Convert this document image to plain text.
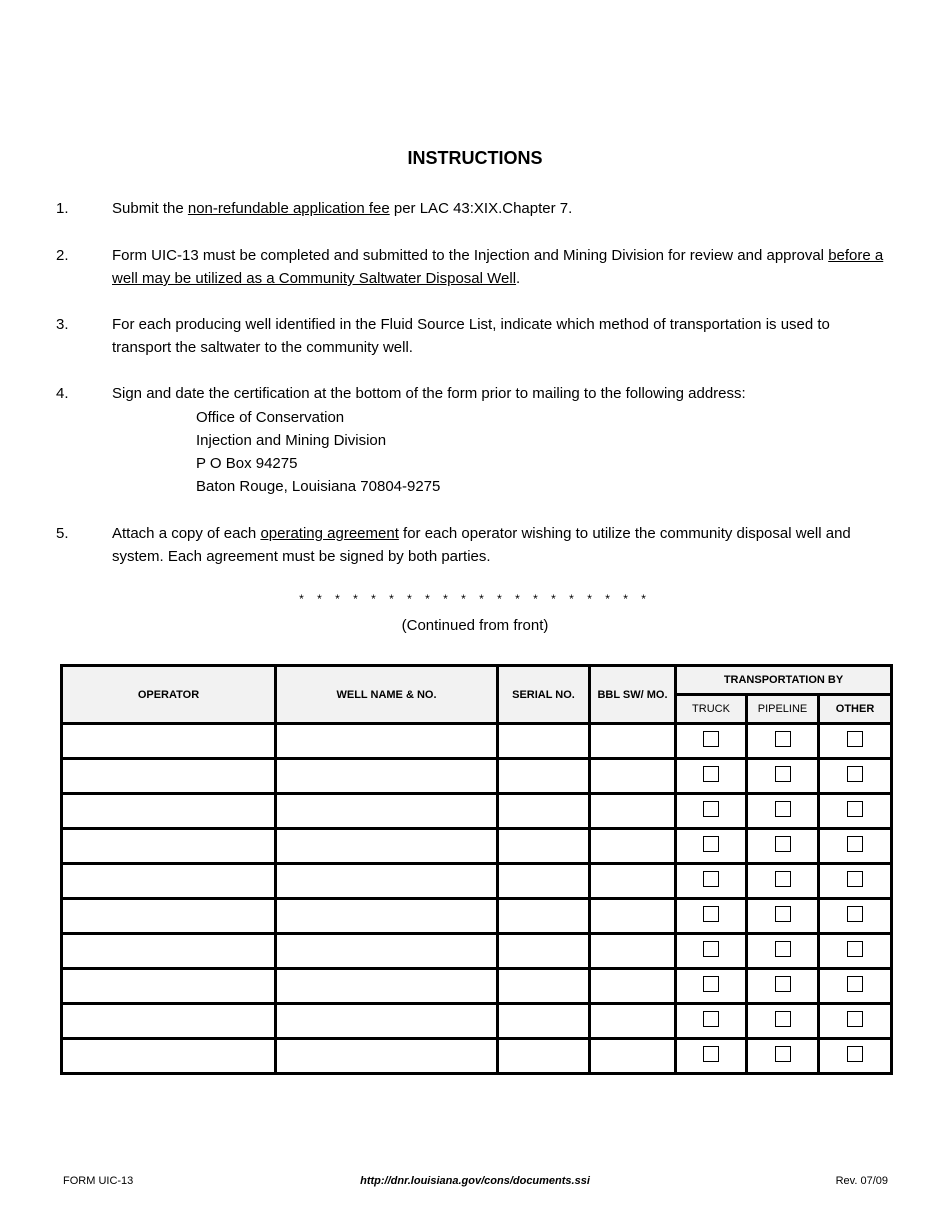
INSTRUCTIONS
1.	Submit the non-refundable application fee per LAC 43:XIX.Chapter 7.
2.	Form UIC-13 must be completed and submitted to the Injection and Mining Division for review and approval before a well may be utilized as a Community Saltwater Disposal Well.
3.	For each producing well identified in the Fluid Source List, indicate which method of transportation is used to transport the saltwater to the community well.
4.	Sign and date the certification at the bottom of the form prior to mailing to the following address:
Office of Conservation
Injection and Mining Division
P O Box 94275
Baton Rouge, Louisiana 70804-9275
5.	Attach a copy of each operating agreement for each operator wishing to utilize the community disposal well and system. Each agreement must be signed by both parties.
* * * * * * * * * * * * * * * * * * * *
(Continued from front)
OPERATOR	WELL NAME & NO.	SERIAL NO.	BBL SW/ MO.	TRANSPORTATION BY		
				TRUCK	PIPELINE	OTHER

FORM UIC-13	http://dnr.louisiana.gov/cons/documents.ssi	Rev. 07/09
